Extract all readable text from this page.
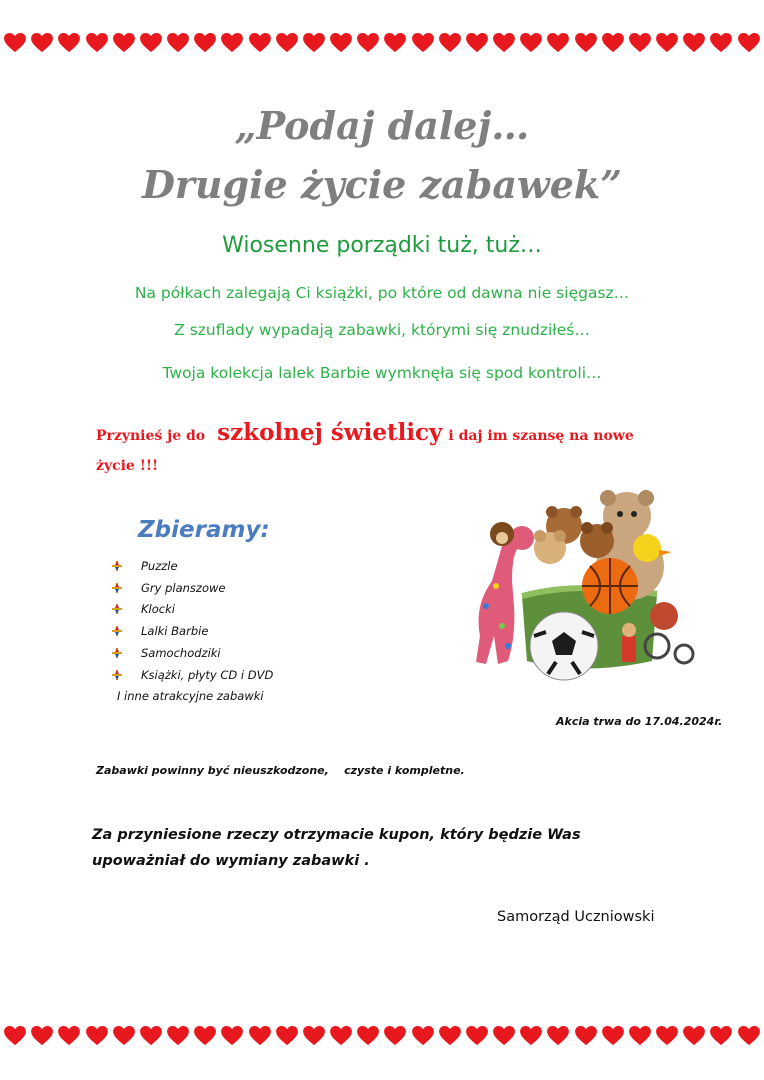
„Podaj dalej…
Drugie życie zabawek”

Wiosenne porządki tuż, tuż…

Na półkach zalegają Ci książki, po które od dawna nie sięgasz…

Z szuflady wypadają zabawki, którymi się znudziłeś…

Twoja kolekcja lalek Barbie wymknęła się spod kontroli…

Przynieś je do szkolnej świetlicy i daj im szansę na nowe życie !!!

Zbieramy:

Puzzle
Gry planszowe
Klocki
Lalki Barbie
Samochodziki
Książki, płyty CD i DVD

I inne atrakcyjne zabawki

Akcia trwa do 17.04.2024r.

Zabawki powinny być nieuszkodzone,    czyste i kompletne.

Za przyniesione rzeczy otrzymacie kupon, który będzie Was upoważniał do wymiany zabawki .

Samorząd Uczniowski
